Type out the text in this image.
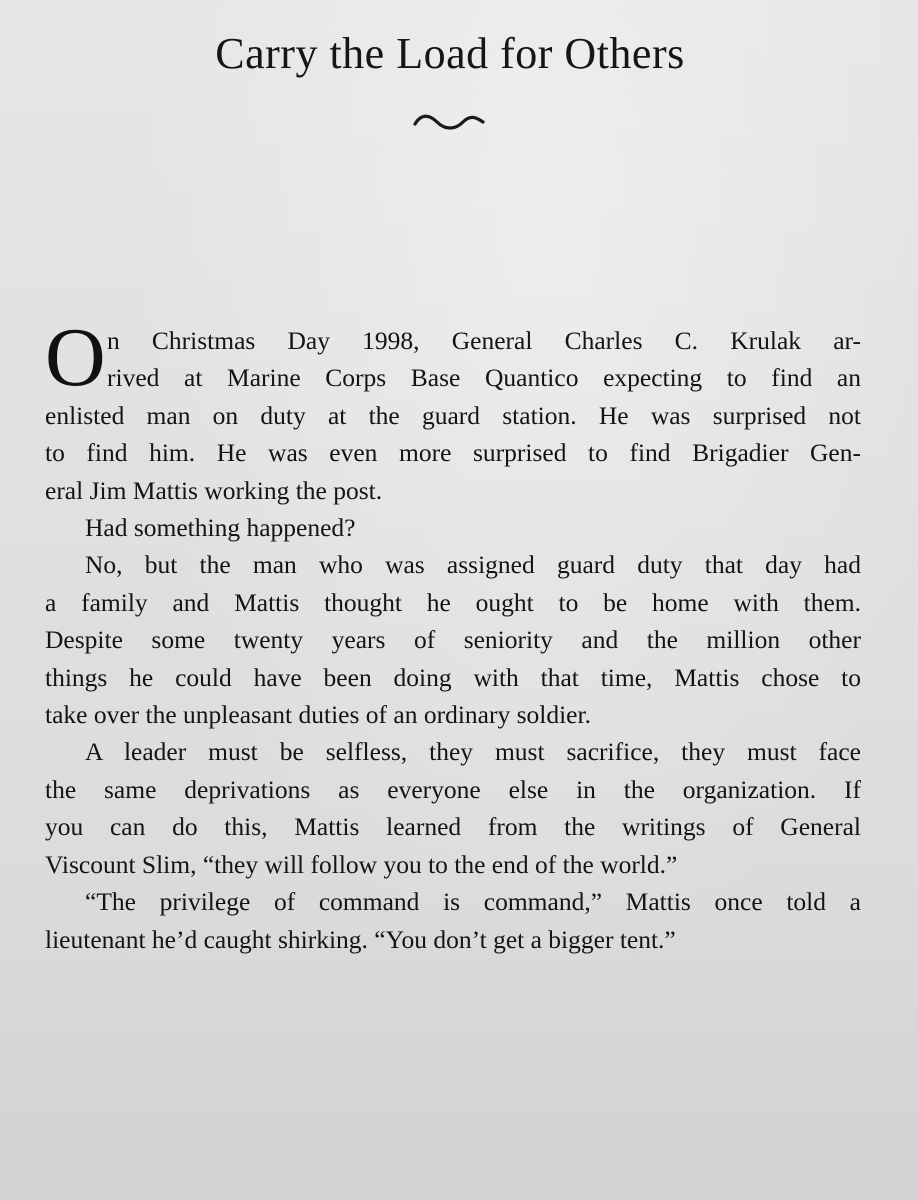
Carry the Load for Others
O n Christmas Day 1998, General Charles C. Krulak ar-
rived at Marine Corps Base Quantico expecting to find an
enlisted man on duty at the guard station. He was surprised not
to find him. He was even more surprised to find Brigadier Gen-
eral Jim Mattis working the post.
Had something happened?
No, but the man who was assigned guard duty that day had
a family and Mattis thought he ought to be home with them.
Despite some twenty years of seniority and the million other
things he could have been doing with that time, Mattis chose to
take over the unpleasant duties of an ordinary soldier.
A leader must be selfless, they must sacrifice, they must face
the same deprivations as everyone else in the organization. If
you can do this, Mattis learned from the writings of General
Viscount Slim, “they will follow you to the end of the world.”
“The privilege of command is command,” Mattis once told a
lieutenant he’d caught shirking. “You don’t get a bigger tent.”
